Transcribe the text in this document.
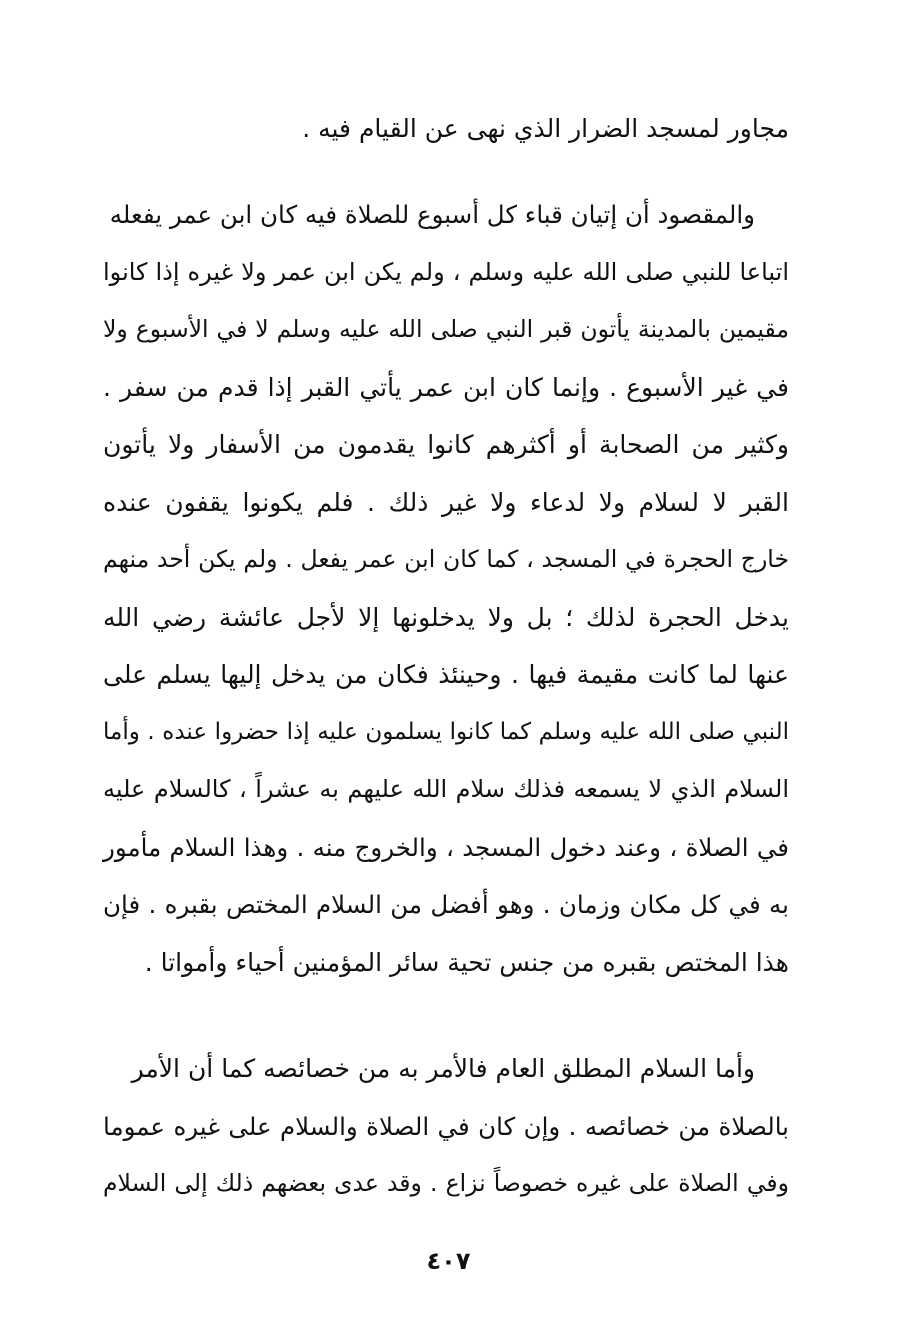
مجاور لمسجد الضرار الذي نهى عن القيام فيه .
والمقصود أن إتيان قباء كل أسبوع للصلاة فيه كان ابن عمر يفعله
اتباعا للنبي صلى الله عليه وسلم ، ولم يكن ابن عمر ولا غيره إذا كانوا
مقيمين بالمدينة يأتون قبر النبي صلى الله عليه وسلم لا في الأسبوع ولا
في غير الأسبوع . وإنما كان ابن عمر يأتي القبر إذا قدم من سفر .
وكثير من الصحابة أو أكثرهم كانوا يقدمون من الأسفار ولا يأتون
القبر لا لسلام ولا لدعاء ولا غير ذلك . فلم يكونوا يقفون عنده
خارج الحجرة في المسجد ، كما كان ابن عمر يفعل . ولم يكن أحد منهم
يدخل الحجرة لذلك ؛ بل ولا يدخلونها إلا لأجل عائشة رضي الله
عنها لما كانت مقيمة فيها . وحينئذ فكان من يدخل إليها يسلم على
النبي صلى الله عليه وسلم كما كانوا يسلمون عليه إذا حضروا عنده . وأما
السلام الذي لا يسمعه فذلك سلام الله عليهم به عشراً ، كالسلام عليه
في الصلاة ، وعند دخول المسجد ، والخروج منه . وهذا السلام مأمور
به في كل مكان وزمان . وهو أفضل من السلام المختص بقبره . فإن
هذا المختص بقبره من جنس تحية سائر المؤمنين أحياء وأمواتا .
وأما السلام المطلق العام فالأمر به من خصائصه كما أن الأمر
بالصلاة من خصائصه . وإن كان في الصلاة والسلام على غيره عموما
وفي الصلاة على غيره خصوصاً نزاع . وقد عدى بعضهم ذلك إلى السلام
٤٠٧
